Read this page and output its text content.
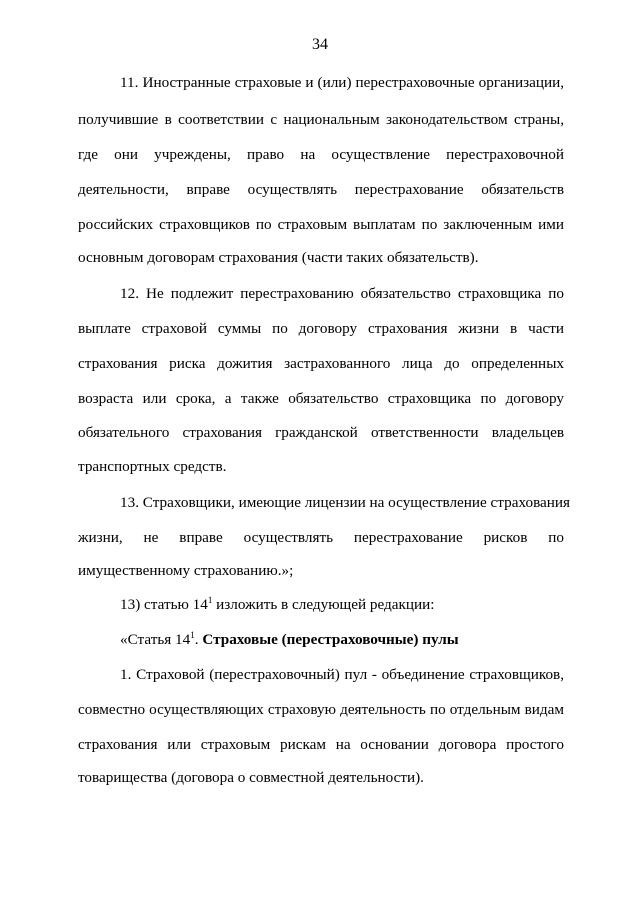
34
11. Иностранные страховые и (или) перестраховочные организации,
получившие в соответствии с национальным законодательством страны,
где они учреждены, право на осуществление перестраховочной
деятельности, вправе осуществлять перестрахование обязательств
российских страховщиков по страховым выплатам по заключенным ими
основным договорам страхования (части таких обязательств).
12. Не подлежит перестрахованию обязательство страховщика по
выплате страховой суммы по договору страхования жизни в части
страхования риска дожития застрахованного лица до определенных
возраста или срока, а также обязательство страховщика по договору
обязательного страхования гражданской ответственности владельцев
транспортных средств.
13. Страховщики, имеющие лицензии на осуществление страхования
жизни, не вправе осуществлять перестрахование рисков по
имущественному страхованию.»;
13) статью $14^1$ изложить в следующей редакции:
«Статья $14^1$. Страховые (перестраховочные) пулы
1. Страховой (перестраховочный) пул - объединение страховщиков,
совместно осуществляющих страховую деятельность по отдельным видам
страхования или страховым рискам на основании договора простого
товарищества (договора о совместной деятельности).
